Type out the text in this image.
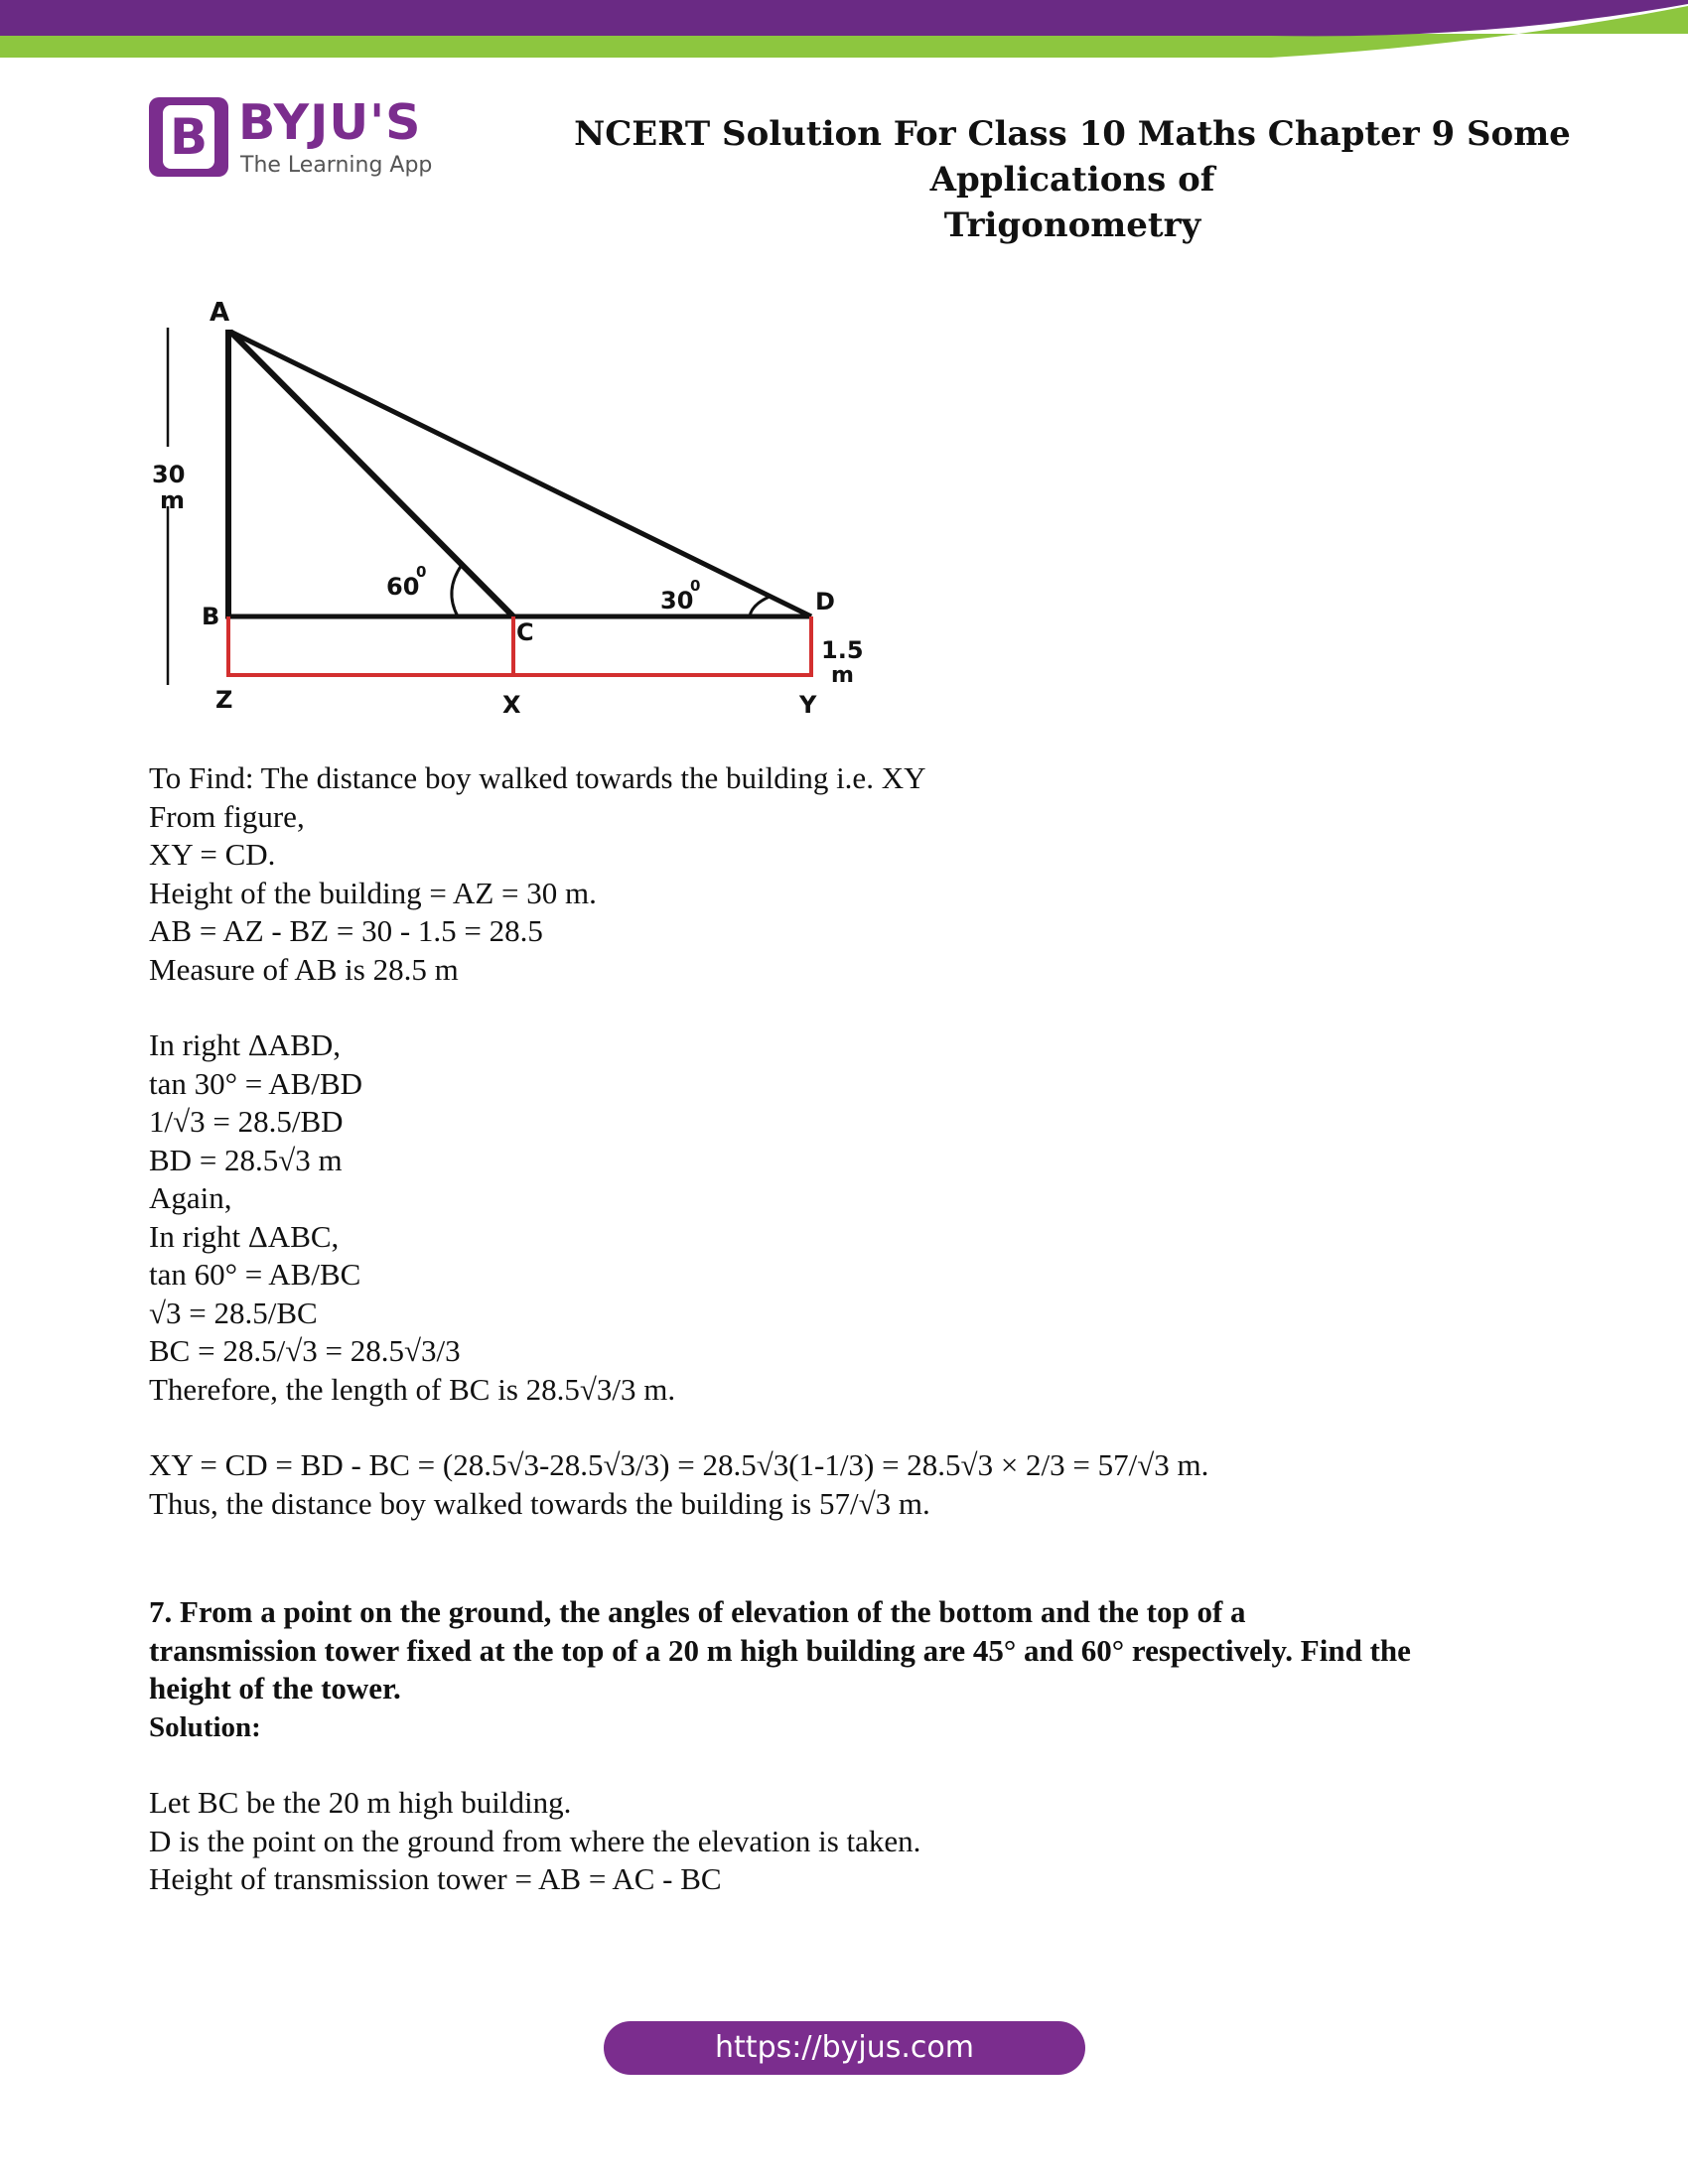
B BYJU'S
The Learning App
NCERT Solution For Class 10 Maths Chapter 9 Some Applications of
Trigonometry
30
m
A
B
C
D
X	Y
Z
60
0
30
0
1.5
m

To Find: The distance boy walked towards the building i.e. XY

From figure,

XY = CD.

Height of the building = AZ = 30 m.

AB = AZ - BZ = 30 - 1.5 = 28.5

Measure of AB is 28.5 m

In right ΔABD,

tan 30° = AB/BD

1/√3 = 28.5/BD

BD = 28.5√3 m

Again,

In right ΔABC,

tan 60° = AB/BC

√3 = 28.5/BC

BC = 28.5/√3 = 28.5√3/3

Therefore, the length of BC is 28.5√3/3 m.

XY = CD = BD - BC = (28.5√3-28.5√3/3) = 28.5√3(1-1/3) = 28.5√3 × 2/3 = 57/√3 m.

Thus, the distance boy walked towards the building is 57/√3 m.

7. From a point on the ground, the angles of elevation of the bottom and the top of a

transmission tower fixed at the top of a 20 m high building are 45° and 60° respectively. Find the

height of the tower.

Solution:

Let BC be the 20 m high building.

D is the point on the ground from where the elevation is taken.

Height of transmission tower = AB = AC - BC

https://byjus.com
